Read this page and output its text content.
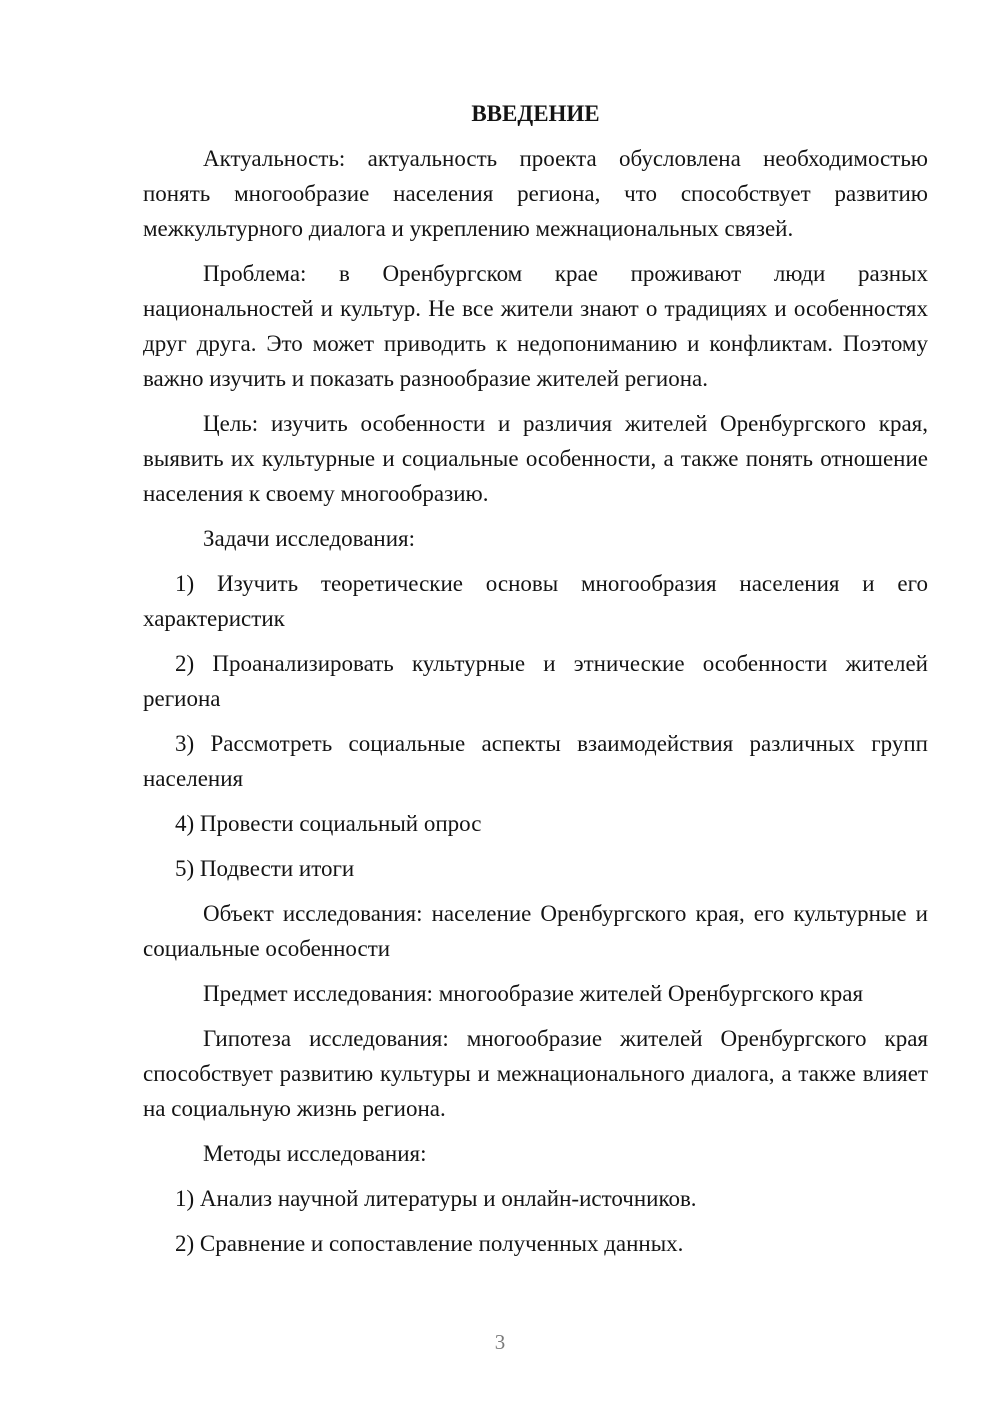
ВВЕДЕНИЕ

Актуальность: актуальность проекта обусловлена необходимостью понять многообразие населения региона, что способствует развитию межкультурного диалога и укреплению межнациональных связей.

Проблема: в Оренбургском крае проживают люди разных национальностей и культур. Не все жители знают о традициях и особенностях друг друга. Это может приводить к недопониманию и конфликтам. Поэтому важно изучить и показать разнообразие жителей региона.

Цель: изучить особенности и различия жителей Оренбургского края, выявить их культурные и социальные особенности, а также понять отношение населения к своему многообразию.

Задачи исследования:

1) Изучить теоретические основы многообразия населения и его характеристик

2) Проанализировать культурные и этнические особенности жителей региона

3) Рассмотреть социальные аспекты взаимодействия различных групп населения

4) Провести социальный опрос

5) Подвести итоги

Объект исследования: население Оренбургского края, его культурные и социальные особенности

Предмет исследования: многообразие жителей Оренбургского края

Гипотеза исследования: многообразие жителей Оренбургского края способствует развитию культуры и межнационального диалога, а также влияет на социальную жизнь региона.

Методы исследования:

1) Анализ научной литературы и онлайн-источников.

2) Сравнение и сопоставление полученных данных.

3
